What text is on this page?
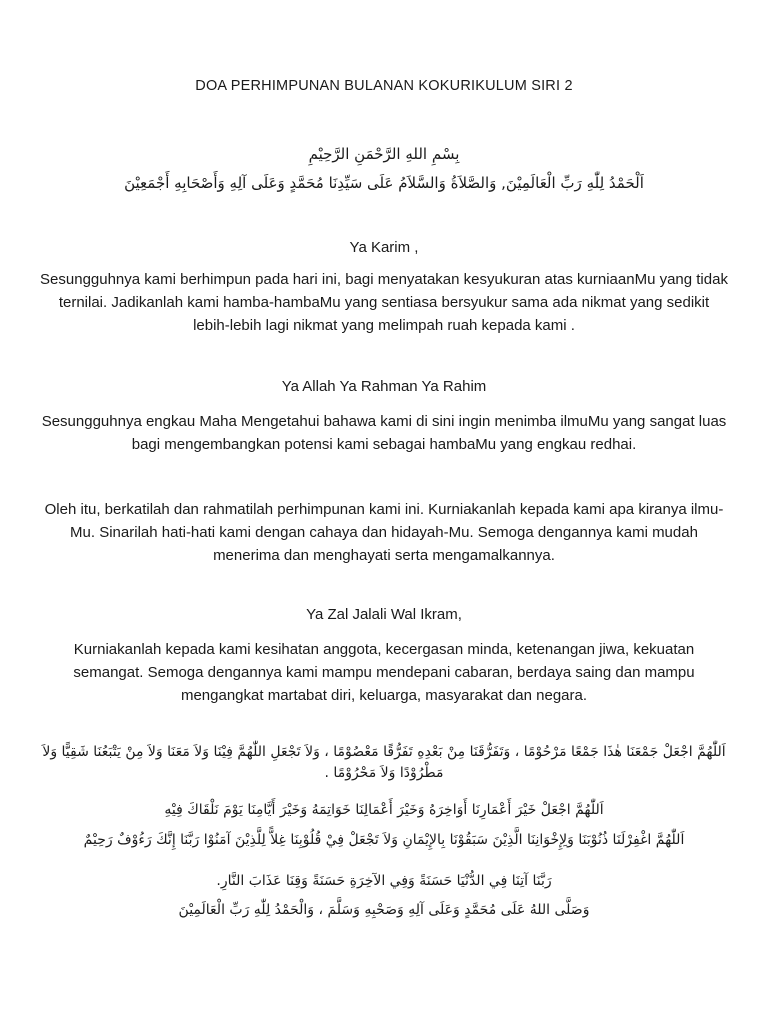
DOA PERHIMPUNAN BULANAN KOKURIKULUM SIRI 2
بِسْمِ اللهِ الرَّحْمَنِ الرَّحِيْمِ
اَلْحَمْدُ لِلّٰهِ رَبِّ الْعَالَمِيْنَ, وَالصَّلاَةُ وَالسَّلاَمُ عَلَى سَيِّدِنَا مُحَمَّدٍ وَعَلَى آلِهِ وَأَصْحَابِهِ أَجْمَعِيْنَ
Ya Karim ,
Sesungguhnya kami berhimpun pada hari ini, bagi menyatakan kesyukuran atas kurniaanMu yang tidak ternilai. Jadikanlah kami hamba-hambaMu yang sentiasa bersyukur sama ada nikmat yang sedikit lebih-lebih lagi nikmat yang melimpah ruah kepada kami .
Ya Allah Ya Rahman Ya Rahim
Sesungguhnya engkau Maha Mengetahui bahawa kami di sini ingin menimba ilmuMu yang sangat luas bagi mengembangkan potensi kami sebagai hambaMu yang engkau redhai.
Oleh itu, berkatilah dan rahmatilah perhimpunan kami ini. Kurniakanlah kepada kami apa kiranya ilmu-Mu. Sinarilah hati-hati kami dengan cahaya dan hidayah-Mu. Semoga dengannya kami mudah menerima dan menghayati serta mengamalkannya.
Ya Zal Jalali Wal Ikram,
Kurniakanlah kepada kami kesihatan anggota, kecergasan minda, ketenangan jiwa, kekuatan semangat. Semoga dengannya kami mampu mendepani cabaran, berdaya saing dan mampu mengangkat martabat diri, keluarga, masyarakat dan negara.
اَللّٰهُمَّ اجْعَلْ جَمْعَنَا هٰذَا جَمْعًا مَرْحُوْمًا ، وَتَفَرُّقَنَا مِنْ بَعْدِهِ تَفَرُّقًا مَعْصُوْمًا ، وَلاَ تَجْعَلِ اللّٰهُمَّ فِيْنَا وَلاَ مَعَنَا وَلاَ مِنْ يَتْبَعُنَا شَقِيًّا وَلاَ مَطْرُوْدًا وَلاَ مَحْرُوْمًا .
اَللّٰهُمَّ اجْعَلْ خَيْرَ أَعْمَارِنَا أَوَاخِرَهُ وَخَيْرَ أَعْمَالِنَا خَوَاتِمَهُ وَخَيْرَ أَيَّامِنَا يَوْمَ نَلْقَاكَ فِيْهِ
اَللّٰهُمَّ اغْفِرْلَنَا ذُنُوْبَنَا وَلِإِخْوَانِنَا الَّذِيْنَ سَبَقُوْنَا بِالإِيْمَانِ وَلاَ تَجْعَلْ فِيْ قُلُوْبِنَا غِلاًّ لِلَّذِيْنَ آمَنُوْا رَبَّنَا إِنَّكَ رَءُوْفٌ رَحِيْمٌ
رَبَّنَا آتِنَا فِي الدُّنْيَا حَسَنَةً وَفِي الآخِرَةِ حَسَنَةً وَقِنَا عَذَابَ النَّارِ.
وَصَلَّى اللهُ عَلَى مُحَمَّدٍ وَعَلَى آلِهِ وَصَحْبِهِ وَسَلَّمَ ، وَالْحَمْدُ لِلّٰهِ رَبِّ الْعَالَمِيْنَ
